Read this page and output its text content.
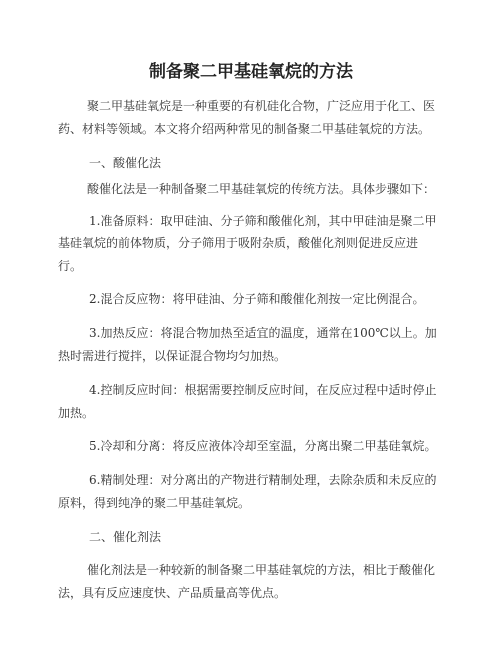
制备聚二甲基硅氧烷的方法
聚二甲基硅氧烷是一种重要的有机硅化合物，广泛应用于化工、医
药、材料等领域。本文将介绍两种常见的制备聚二甲基硅氧烷的方法。
一、酸催化法
酸催化法是一种制备聚二甲基硅氧烷的传统方法。具体步骤如下：
1.准备原料：取甲硅油、分子筛和酸催化剂，其中甲硅油是聚二甲
基硅氧烷的前体物质，分子筛用于吸附杂质，酸催化剂则促进反应进
行。
2.混合反应物：将甲硅油、分子筛和酸催化剂按一定比例混合。
3.加热反应：将混合物加热至适宜的温度，通常在100℃以上。加
热时需进行搅拌，以保证混合物均匀加热。
4.控制反应时间：根据需要控制反应时间，在反应过程中适时停止
加热。
5.冷却和分离：将反应液体冷却至室温，分离出聚二甲基硅氧烷。
6.精制处理：对分离出的产物进行精制处理，去除杂质和未反应的
原料，得到纯净的聚二甲基硅氧烷。
二、催化剂法
催化剂法是一种较新的制备聚二甲基硅氧烷的方法，相比于酸催化
法，具有反应速度快、产品质量高等优点。
